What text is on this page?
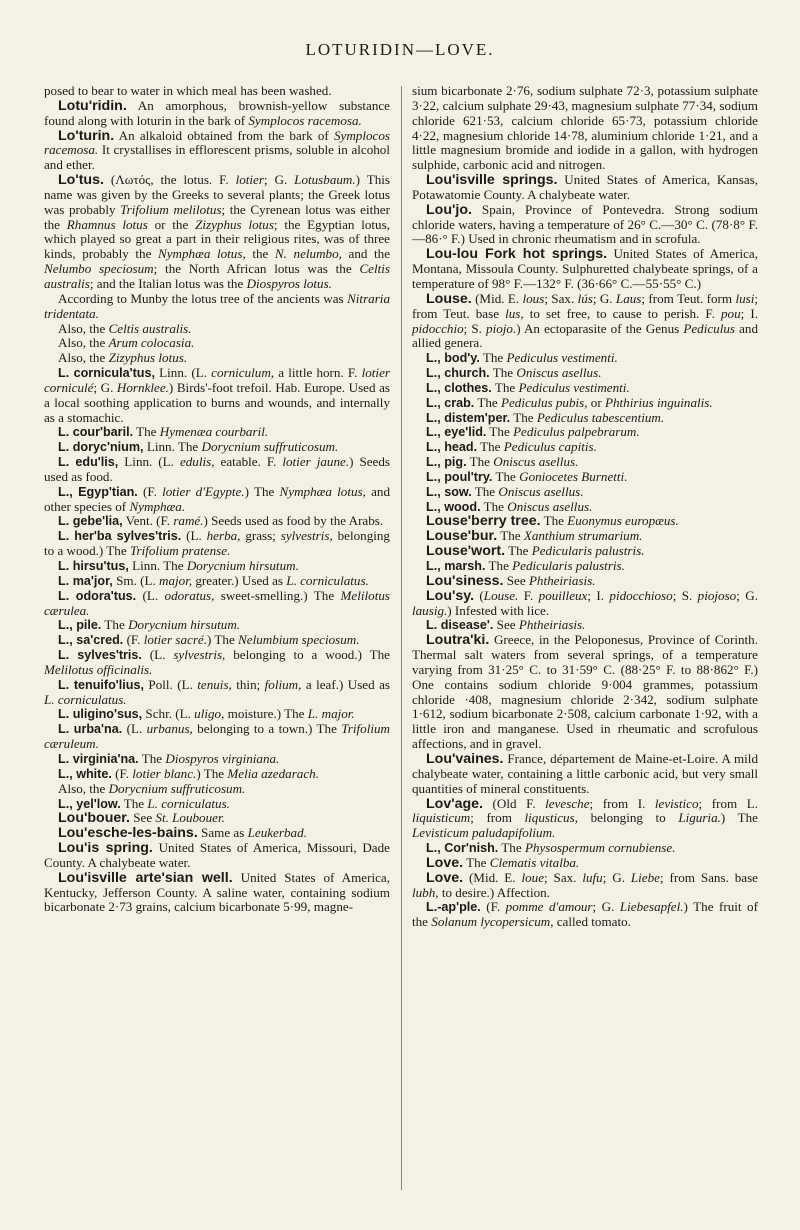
LOTURIDIN—LOVE.

posed to bear to water in which meal has been washed.

Lotu'ridin. An amorphous, brownish-yellow substance found along with loturin in the bark of Symplocos racemosa.

Lo'turin. An alkaloid obtained from the bark of Symplocos racemosa. It crystallises in efflorescent prisms, soluble in alcohol and ether.

Lo'tus. (Λωτός, the lotus. F. lotier; G. Lotusbaum.) This name was given by the Greeks to several plants; the Greek lotus was probably Trifolium melilotus; the Cyrenean lotus was either the Rhamnus lotus or the Zizyphus lotus; the Egyptian lotus, which played so great a part in their religious rites, was of three kinds, probably the Nymphæa lotus, the N. nelumbo, and the Nelumbo speciosum; the North African lotus was the Celtis australis; and the Italian lotus was the Diospyros lotus.

According to Munby the lotus tree of the ancients was Nitraria tridentata.

Also, the Celtis australis.

Also, the Arum colocasia.

Also, the Zizyphus lotus.

L. cornicula'tus, Linn. (L. corniculum, a little horn. F. lotier corniculé; G. Hornklee.) Birds'-foot trefoil. Hab. Europe. Used as a local soothing application to burns and wounds, and internally as a stomachic.

L. cour'baril. The Hymenæa courbaril.

L. doryc'nium, Linn. The Dorycnium suffruticosum.

L. edu'lis, Linn. (L. edulis, eatable. F. lotier jaune.) Seeds used as food.

L., Egyp'tian. (F. lotier d'Egypte.) The Nymphæa lotus, and other species of Nymphæa.

L. gebe'lia, Vent. (F. ramé.) Seeds used as food by the Arabs.

L. her'ba sylves'tris. (L. herba, grass; sylvestris, belonging to a wood.) The Trifolium pratense.

L. hirsu'tus, Linn. The Dorycnium hirsutum.

L. ma'jor, Sm. (L. major, greater.) Used as L. corniculatus.

L. odora'tus. (L. odoratus, sweet-smelling.) The Melilotus cærulea.

L., pile. The Dorycnium hirsutum.

L., sa'cred. (F. lotier sacré.) The Nelumbium speciosum.

L. sylves'tris. (L. sylvestris, belonging to a wood.) The Melilotus officinalis.

L. tenuifo'lius, Poll. (L. tenuis, thin; folium, a leaf.) Used as L. corniculatus.

L. uligino'sus, Schr. (L. uligo, moisture.) The L. major.

L. urba'na. (L. urbanus, belonging to a town.) The Trifolium cæruleum.

L. virginia'na. The Diospyros virginiana.

L., white. (F. lotier blanc.) The Melia azedarach.

Also, the Dorycnium suffruticosum.

L., yel'low. The L. corniculatus.

Lou'bouer. See St. Loubouer.

Lou'esche-les-bains. Same as Leukerbad.

Lou'is spring. United States of America, Missouri, Dade County. A chalybeate water.

Lou'isville arte'sian well. United States of America, Kentucky, Jefferson County. A saline water, containing sodium bicarbonate 2·73 grains, calcium bicarbonate 5·99, magne-

sium bicarbonate 2·76, sodium sulphate 72·3, potassium sulphate 3·22, calcium sulphate 29·43, magnesium sulphate 77·34, sodium chloride 621·53, calcium chloride 65·73, potassium chloride 4·22, magnesium chloride 14·78, aluminium chloride 1·21, and a little magnesium bromide and iodide in a gallon, with hydrogen sulphide, carbonic acid and nitrogen.

Lou'isville springs. United States of America, Kansas, Potawatomie County. A chalybeate water.

Lou'jo. Spain, Province of Pontevedra. Strong sodium chloride waters, having a temperature of 26° C.—30° C. (78·8° F.—86·° F.) Used in chronic rheumatism and in scrofula.

Lou-lou Fork hot springs. United States of America, Montana, Missoula County. Sulphuretted chalybeate springs, of a temperature of 98° F.—132° F. (36·66° C.—55·55° C.)

Louse. (Mid. E. lous; Sax. lús; G. Laus; from Teut. form lusi; from Teut. base lus, to set free, to cause to perish. F. pou; I. pidocchio; S. piojo.) An ectoparasite of the Genus Pediculus and allied genera.

L., bod'y. The Pediculus vestimenti.

L., church. The Oniscus asellus.

L., clothes. The Pediculus vestimenti.

L., crab. The Pediculus pubis, or Phthirius inguinalis.

L., distem'per. The Pediculus tabescentium.

L., eye'lid. The Pediculus palpebrarum.

L., head. The Pediculus capitis.

L., pig. The Oniscus asellus.

L., poul'try. The Goniocetes Burnetti.

L., sow. The Oniscus asellus.

L., wood. The Oniscus asellus.

Louse'berry tree. The Euonymus europæus.

Louse'bur. The Xanthium strumarium.

Louse'wort. The Pedicularis palustris.

L., marsh. The Pedicularis palustris.

Lou'siness. See Phtheiriasis.

Lou'sy. (Louse. F. pouilleux; I. pidocchioso; S. piojoso; G. lausig.) Infested with lice.

L. disease'. See Phtheiriasis.

Loutra'ki. Greece, in the Peloponesus, Province of Corinth. Thermal salt waters from several springs, of a temperature varying from 31·25° C. to 31·59° C. (88·25° F. to 88·862° F.) One contains sodium chloride 9·004 grammes, potassium chloride ·408, magnesium chloride 2·342, sodium sulphate 1·612, sodium bicarbonate 2·508, calcium carbonate 1·92, with a little iron and manganese. Used in rheumatic and scrofulous affections, and in gravel.

Lou'vaines. France, département de Maine-et-Loire. A mild chalybeate water, containing a little carbonic acid, but very small quantities of mineral constituents.

Lov'age. (Old F. levesche; from I. levistico; from L. liquisticum; from liqusticus, belonging to Liguria.) The Levisticum paludapifolium.

L., Cor'nish. The Physospermum cornubiense.

Love. The Clematis vitalba.

Love. (Mid. E. loue; Sax. lufu; G. Liebe; from Sans. base lubh, to desire.) Affection.

L.-ap'ple. (F. pomme d'amour; G. Liebesapfel.) The fruit of the Solanum lycopersicum, called tomato.
